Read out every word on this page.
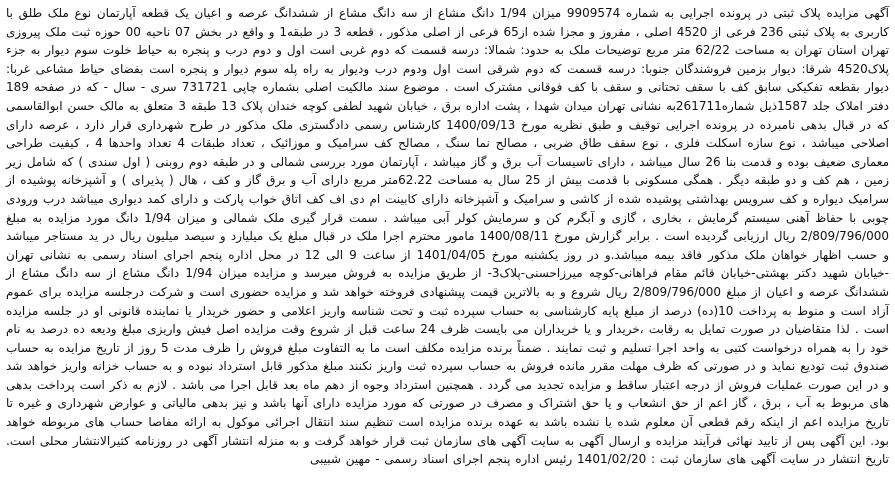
آگهی مزایده پلاک ثبتی در پرونده اجرایی به شماره 9909574 میزان 1/94 دانگ مشاع از سه دانگ مشاع از ششدانگ عرصه و اعیان یک قطعه آپارتمان نوع ملک طلق با کاربری به پلاک ثبتی 236 فرعی از 4520 اصلی ، مفروز و مجزا شده از65 فرعی از اصلی مذکور ، قطعه 3 در طبقه1 و واقع در بخش 07 ناحیه 00 حوزه ثبت ملک پیروزی تهران استان تهران به مساحت 62/22 متر مربع توضیحات ملک به حدود: شمالا: درسه قسمت که دوم غربی است اول و دوم درب و پنجره به حیاط خلوت سوم دیوار به جزء پلاک4520 شرقا: دیوار بزمین فروشندگان جنوبا: درسه قسمت که دوم شرقی است اول ودوم درب ودیوار به راه پله سوم دیوار و پنجره است بفضای حیاط مشاعی غربا: دیوار بقطعه تفکیکی سابق کف با سقف تحتانی و سقف با کف فوقانی مشترک است . موضوع سند مالکیت اصلی بشماره چاپی 731721 سری - سال - که در صفحه 189 دفتر املاک جلد 1587ذیل شماره261711به نشانی تهران میدان شهدا ، پشت اداره برق ، خیابان شهید لطفی کوچه خندان پلاک 13 طبقه 3 متعلق به مالک حسن ابوالقاسمی که در قبال بدهی نامبرده در پرونده اجرایی توقیف و طبق نظریه مورخ 1400/09/13 کارشناس رسمی دادگستری ملک مذکور در طرح شهرداری قرار دارد ، عرصه دارای اصلاحی میباشد ، نوع سازه اسکلت فلزی ، نوع سقف طاق ضربی ، مصالح نما سنگ ، مصالح کف سرامیک و موزائیک ، تعداد طبقات 4 تعداد واحدها 4 ، کیفیت طراحی معماری ضعیف بوده و قدمت بنا 26 سال میباشد ، دارای تاسیسات آب برق و گاز میباشد ، آپارتمان مورد بررسی شمالی و در طبقه دوم روبنی ( اول سندی ) که شامل زیر زمین ، هم کف و دو طبقه دیگر . همگی مسکونی با قدمت بیش از 25 سال به مساحت 62.22متر مربع دارای آب و برق گاز و کف ، هال ( پذیرای ) و آشپزخانه پوشیده از سرامیک دیواره و کف سرویس بهداشتی پوشیده شده از کاشی و سرامیک و آشپزخانه دارای کابینت ام دی اف کف اتاق خواب پارکت و دارای کمد دیواری میباشد درب ورودی چوبی با حفاظ آهنی سیستم گرمایش ، بخاری ، گازی و آبگرم کن و سرمایش کولر آبی میباشد . سمت قرار گیری ملک شمالی و میزان 1/94 دانگ مورد مزایده به مبلغ 2/809/796/000 ریال ارزیابی گردیده است . برابر گزارش مورخ 1400/08/11 مامور محترم اجرا ملک در قبال مبلغ یک میلیارد و سیصد میلیون ریال در ید مستاجر میباشد و حسب اظهار خواهان ملک مذکور فاقد بیمه میباشد.و در روز یکشنبه مورخ 1401/04/05 از ساعت 9 الی 12 در محل اداره پنجم اجرای اسناد رسمی به نشانی تهران -خیابان شهید دکتر بهشتی-خیابان قائم مقام فراهانی-کوچه میرزاحسنی-پلاک3- از طریق مزایده به فروش میرسد و مزایده میزان 1/94 دانگ مشاع از سه دانگ مشاع از ششدانگ عرصه و اعیان از مبلغ 2/809/796/000 ریال شروع و به بالاترین قیمت پیشنهادی فروخته خواهد شد و مزایده حضوری است و شرکت درجلسه مزایده برای عموم آزاد است و منوط به پرداخت 10(ده) درصد از مبلغ پایه کارشناسی به حساب سپرده ثبت و تحت شناسه واریز اعلامی و حضور خریدار یا نماینده قانونی او در جلسه مزایده است . لذا متقاضیان در صورت تمایل به رقابت ،خریدار و یا خریداران می بایست ظرف 24 ساعت قبل از شروع وقت مزایده اصل فیش واریزی مبلغ ودیعه ده درصد به نام خود را به همراه درخواست کتبی به واحد اجرا تسلیم و ثبت نمایند . ضمناً برنده مزایده مکلف است ما به التفاوت مبلغ فروش را ظرف مدت 5 روز از تاریخ مزایده به حساب صندوق ثبت تودیع نماید و در صورتی که ظرف مهلت مقرر مانده فروش به حساب سپرده ثبت واریز نکنند مبلغ مذکور قابل استرداد نبوده و به حساب خزانه واریز خواهد شد و در این صورت عملیات فروش از درجه اعتبار ساقط و مزایده تجدید می گردد . همچنین استرداد وجوه از دهم ماه بعد قابل اجرا می باشد . لازم به ذکر است پرداخت بدهی های مربوط به آب ، برق ، گاز اعم از حق انشعاب و یا حق اشتراک و مصرف در صورتی که مورد مزایده دارای آنها باشد و نیز بدهی مالیاتی و عوارض شهرداری و غیره تا تاریخ مزایده اعم از اینکه رقم قطعی آن معلوم شده یا نشده باشد به عهده برنده مزایده است تنظیم سند انتقال اجرائی موکول به ارائه مفاصا حساب های مربوطه خواهد بود. این آگهی پس از تایید نهائی فرآیند مزایده و ارسال آگهی به سایت آگهی های سازمان ثبت قرار خواهد گرفت و به منزله انتشار آگهی در روزنامه کثیرالانتشار محلی است. تاریخ انتشار در سایت آگهی های سازمان ثبت : 1401/02/20 رئیس اداره پنجم اجرای اسناد رسمی - مهین شبیبی
